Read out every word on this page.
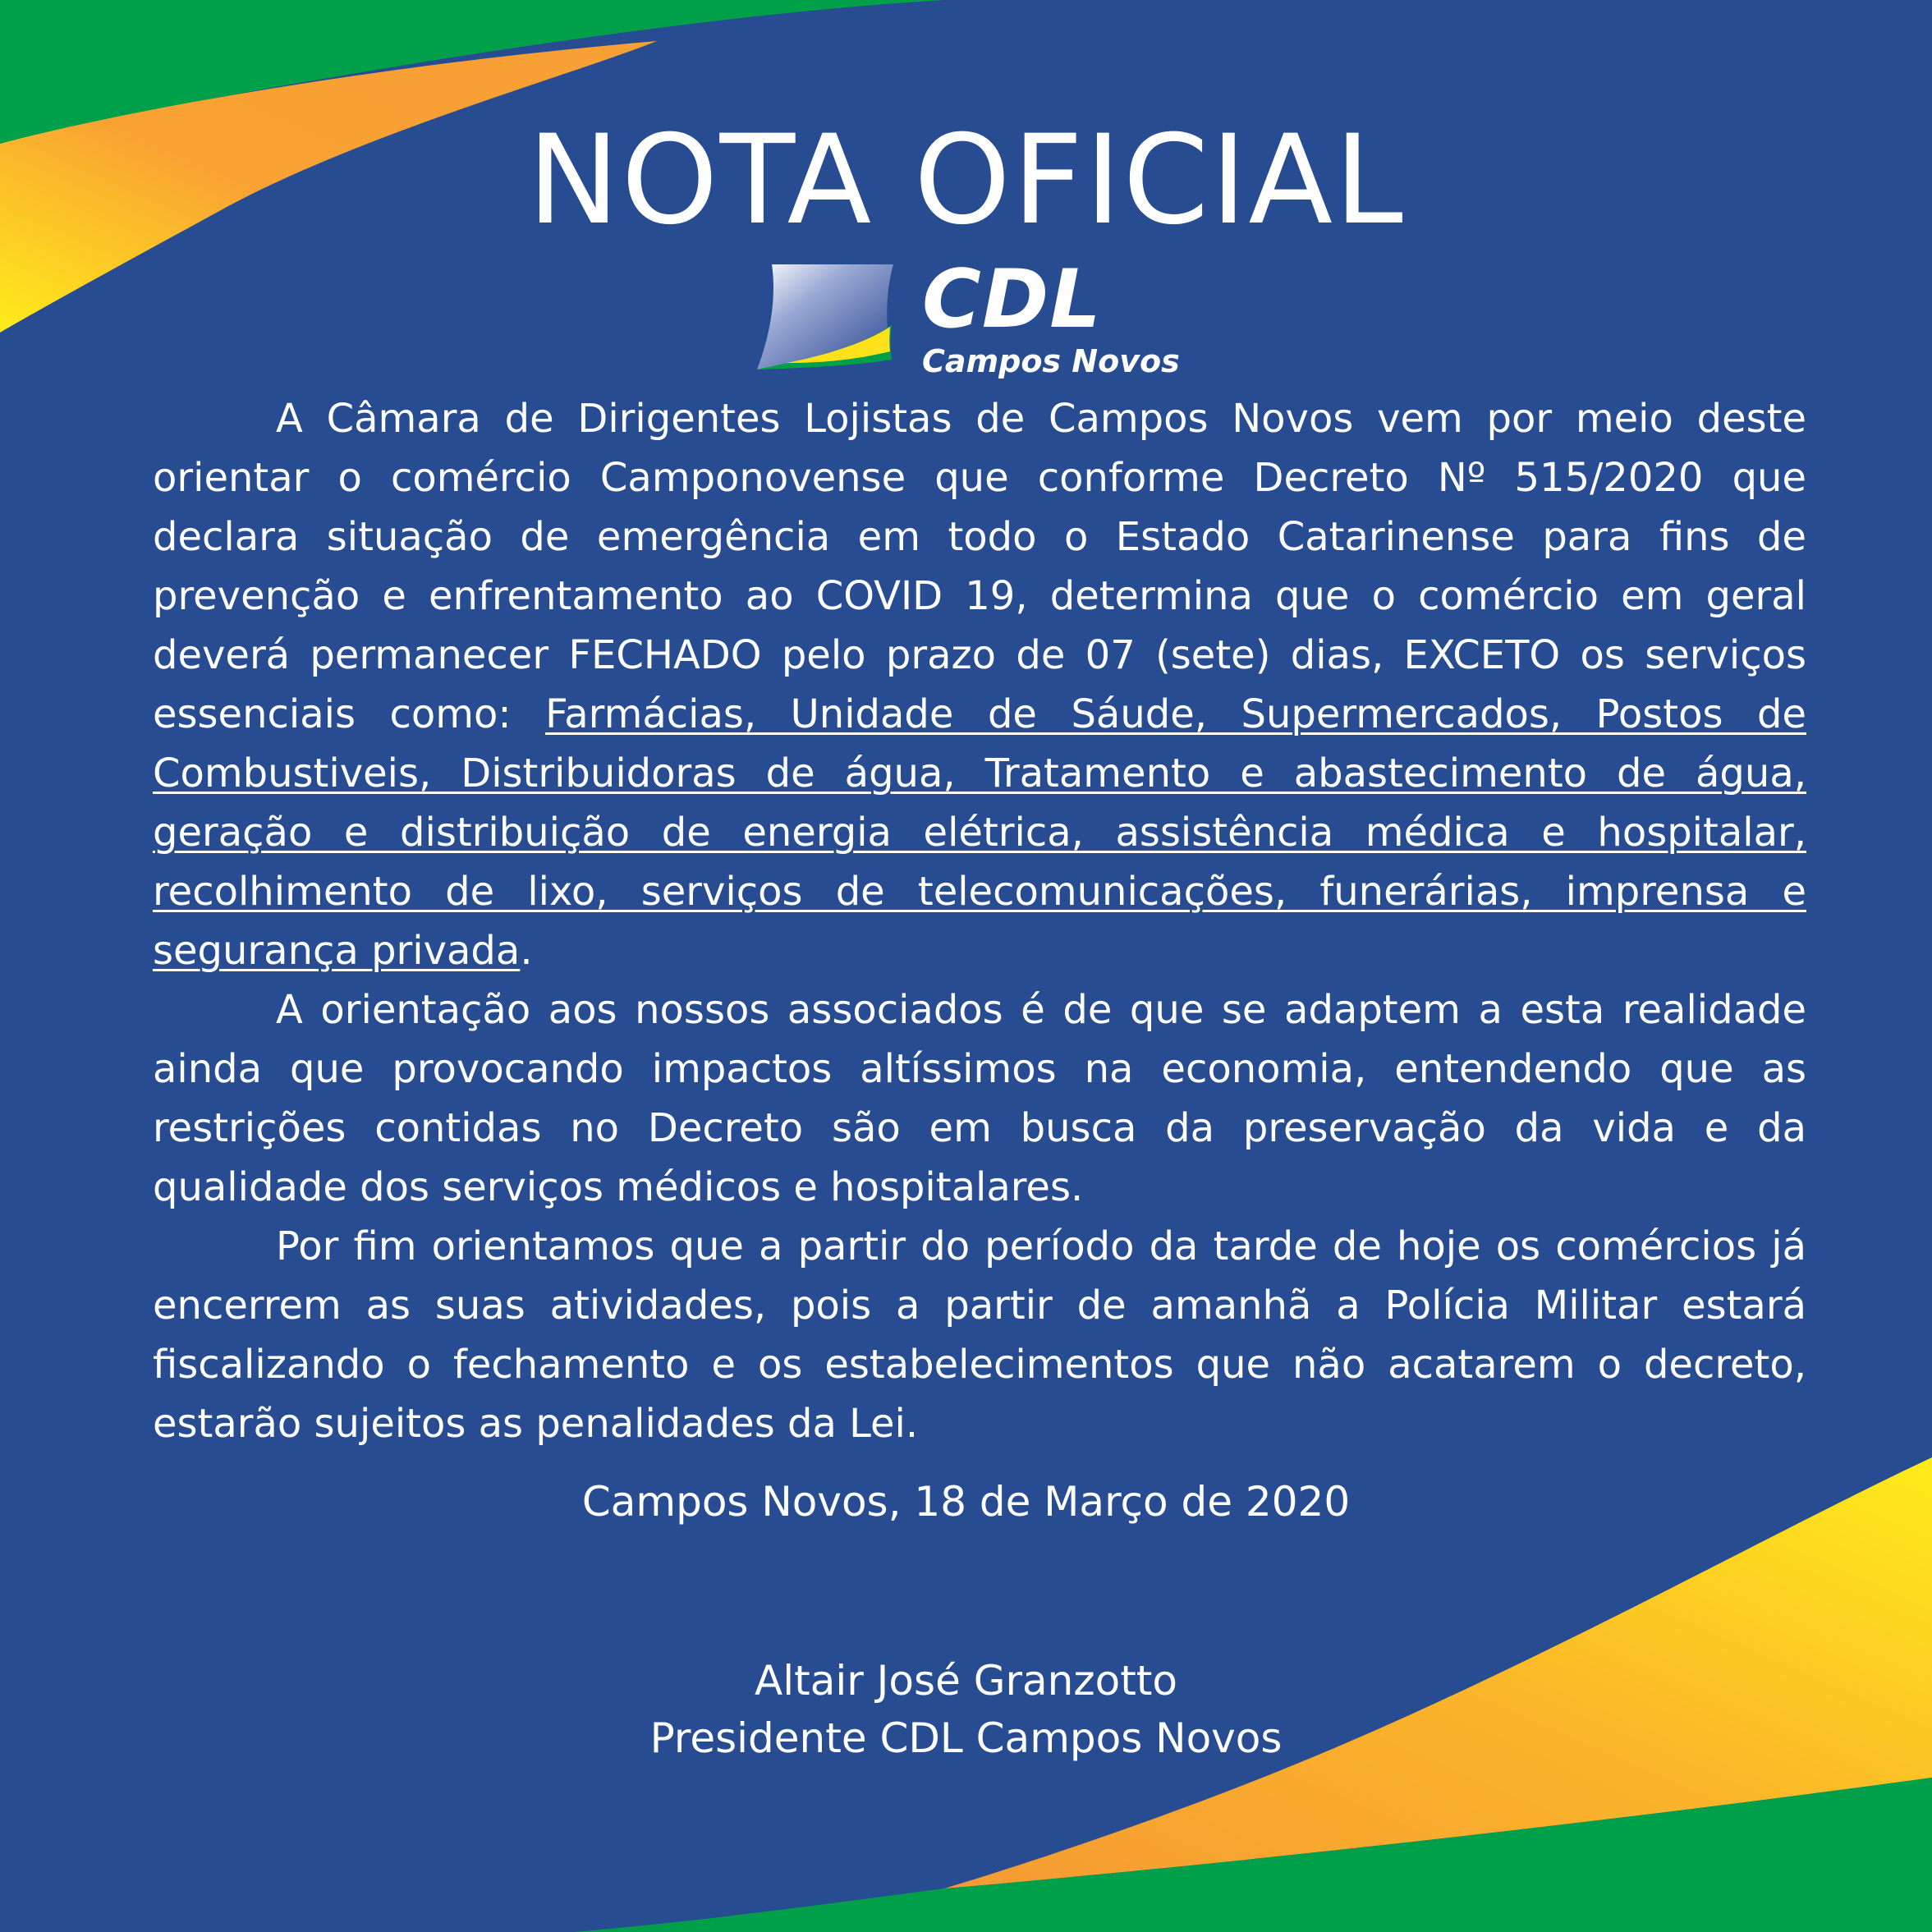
NOTA OFICIAL
CDL
Campos Novos

A Câmara de Dirigentes Lojistas de Campos Novos vem por meio deste orientar o comércio Camponovense que conforme Decreto Nº 515/2020 que declara situação de emergência em todo o Estado Catarinense para fins de prevenção e enfrentamento ao COVID 19, determina que o comércio em geral deverá permanecer FECHADO pelo prazo de 07 (sete) dias, EXCETO os serviços essenciais como: Farmácias, Unidade de Sáude, Supermercados, Postos de Combustiveis, Distribuidoras de água, Tratamento e abastecimento de água, geração e distribuição de energia elétrica, assistência médica e hospitalar, recolhimento de lixo, serviços de telecomunicações, funerárias, imprensa e segurança privada.

A orientação aos nossos associados é de que se adaptem a esta realidade ainda que provocando impactos altíssimos na economia, entendendo que as restrições contidas no Decreto são em busca da preservação da vida e da qualidade dos serviços médicos e hospitalares.

Por fim orientamos que a partir do período da tarde de hoje os comércios já encerrem as suas atividades, pois a partir de amanhã a Polícia Militar estará fiscalizando o fechamento e os estabelecimentos que não acatarem o decreto, estarão sujeitos as penalidades da Lei.

Campos Novos, 18 de Março de 2020
Altair José Granzotto
Presidente CDL Campos Novos
